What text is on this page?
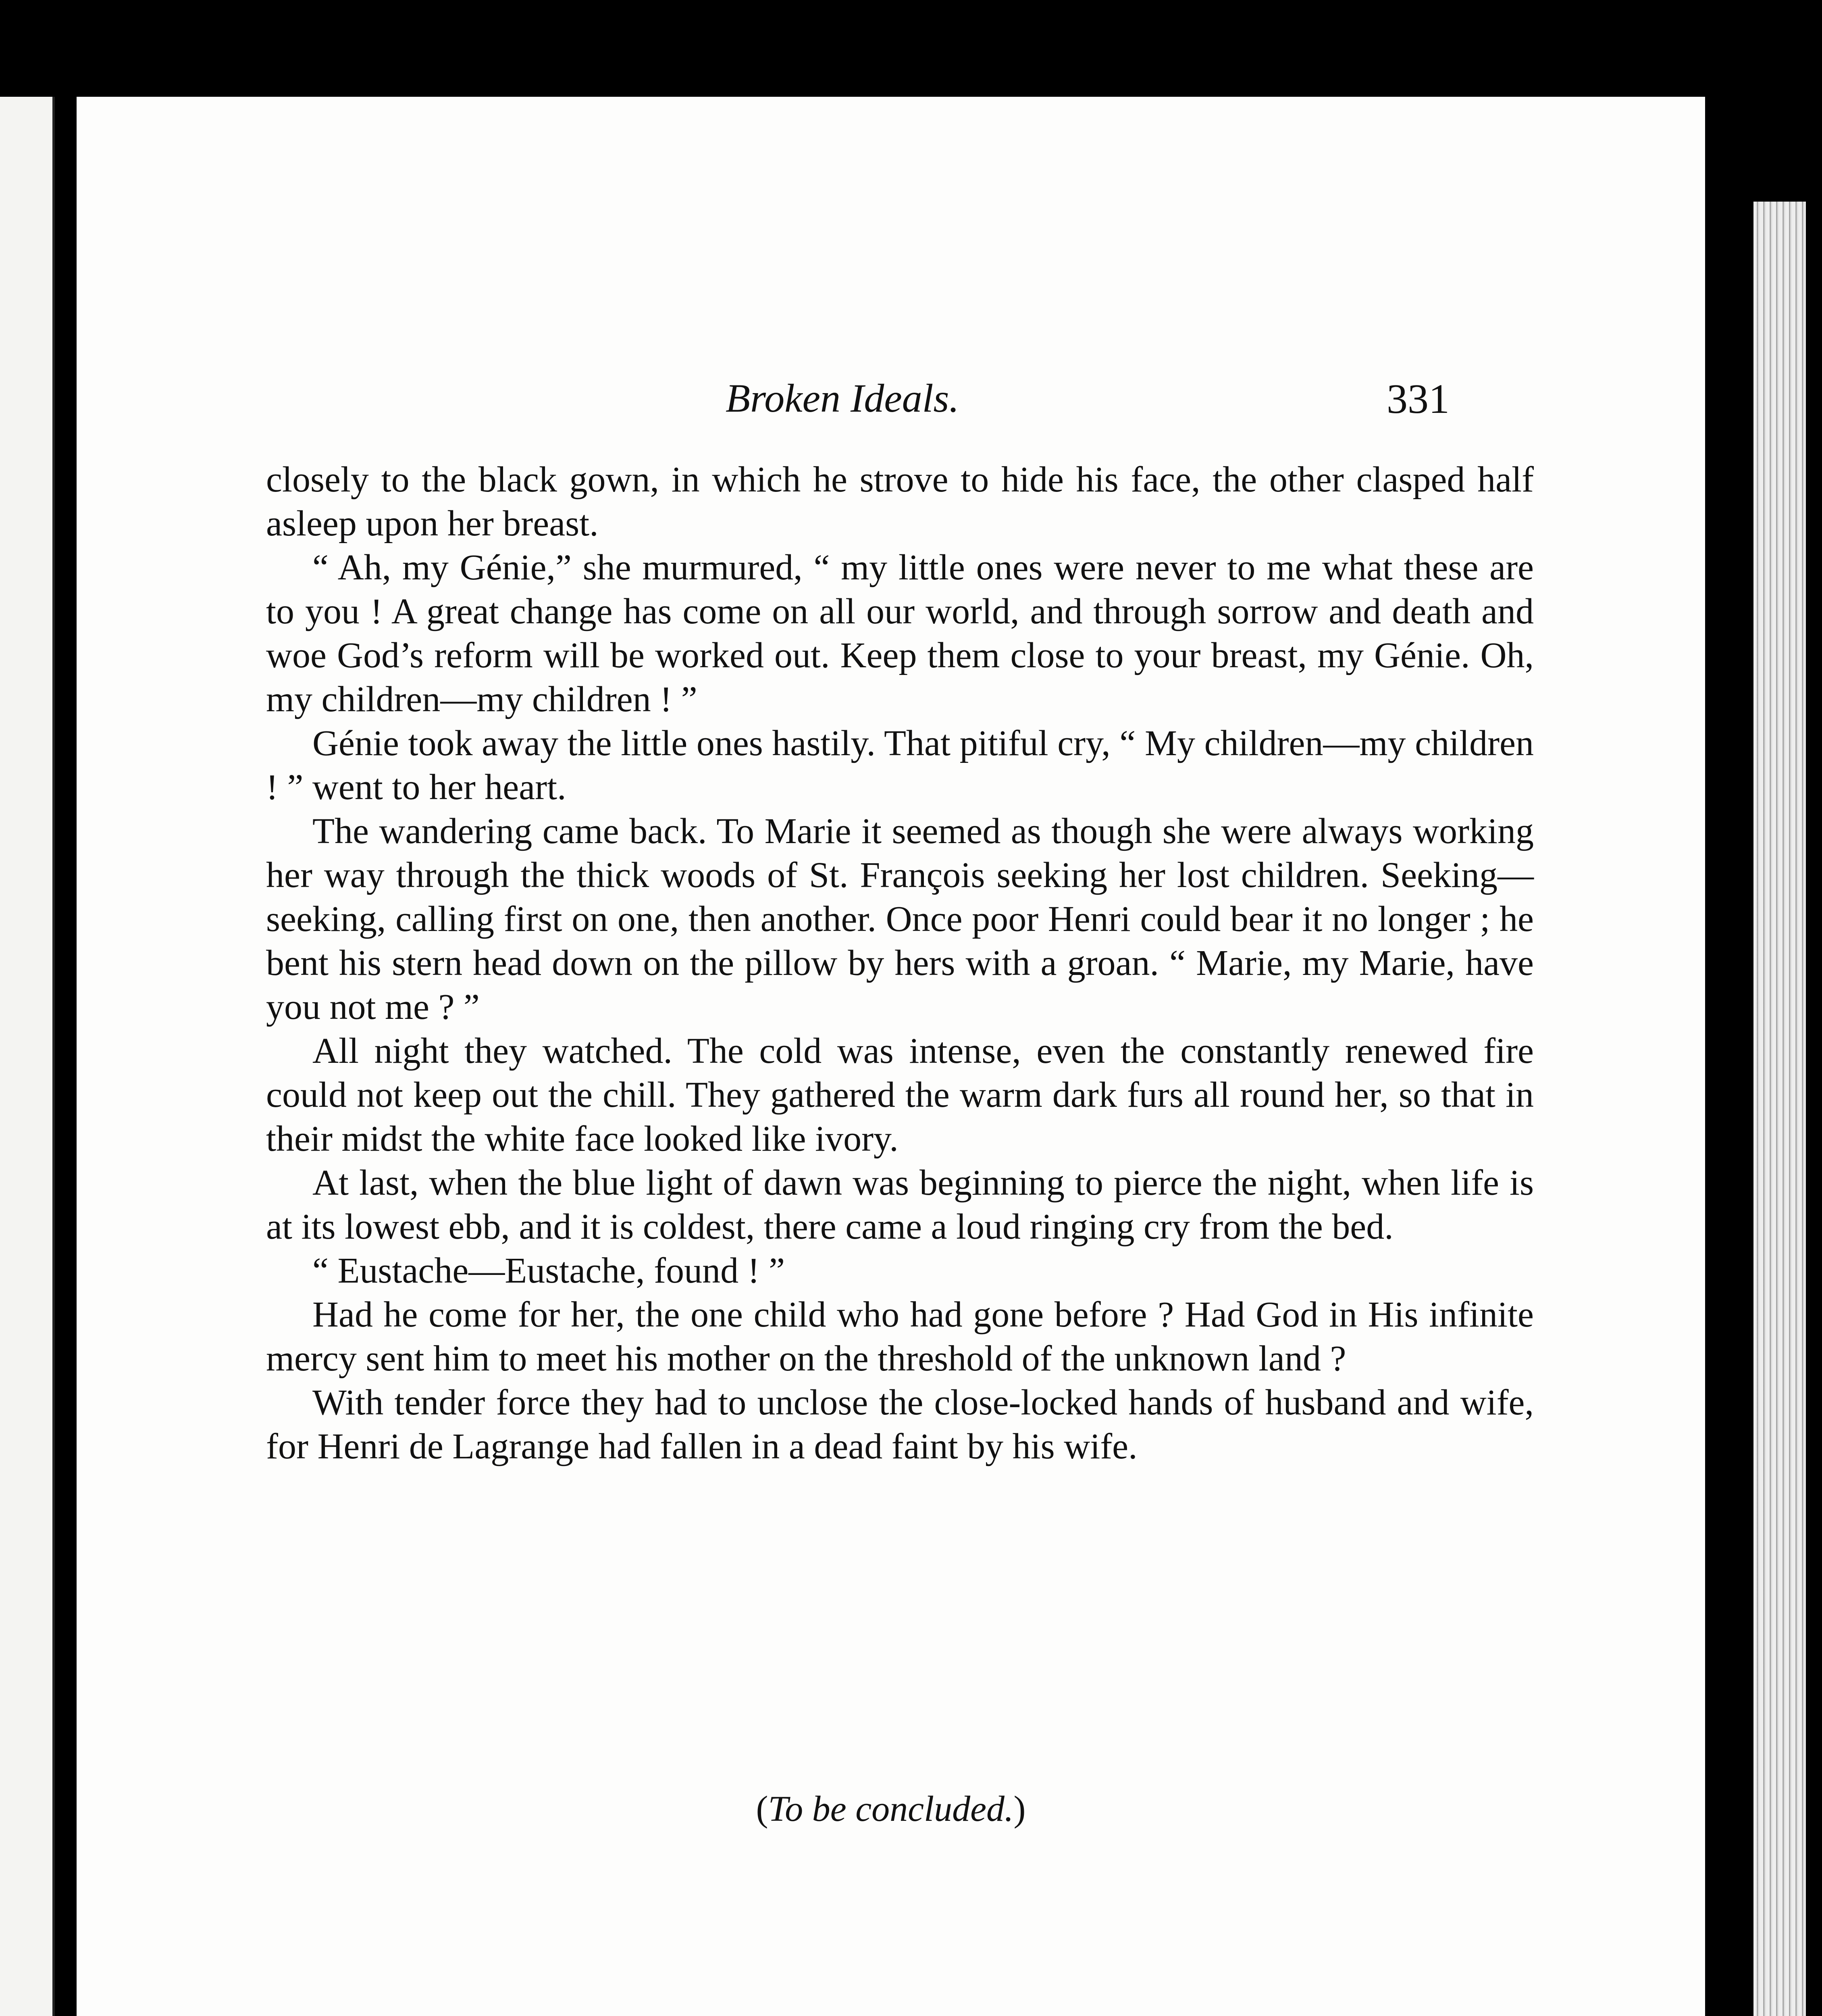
Broken Ideals.	331

closely to the black gown, in which he strove to hide his face, the other clasped half asleep upon her breast.

“ Ah, my Génie,” she murmured, “ my little ones were never to me what these are to you ! A great change has come on all our world, and through sorrow and death and woe God’s reform will be worked out. Keep them close to your breast, my Génie. Oh, my children—my children ! ”

Génie took away the little ones hastily. That pitiful cry, “ My children—my children ! ” went to her heart.

The wandering came back. To Marie it seemed as though she were always working her way through the thick woods of St. François seeking her lost children. Seeking—seeking, calling first on one, then another. Once poor Henri could bear it no longer ; he bent his stern head down on the pillow by hers with a groan. “ Marie, my Marie, have you not me ? ”

All night they watched. The cold was intense, even the constantly renewed fire could not keep out the chill. They gathered the warm dark furs all round her, so that in their midst the white face looked like ivory.

At last, when the blue light of dawn was beginning to pierce the night, when life is at its lowest ebb, and it is coldest, there came a loud ringing cry from the bed.

“ Eustache—Eustache, found ! ”

Had he come for her, the one child who had gone before ? Had God in His infinite mercy sent him to meet his mother on the threshold of the unknown land ?

With tender force they had to unclose the close-locked hands of husband and wife, for Henri de Lagrange had fallen in a dead faint by his wife.

(To be concluded.)
